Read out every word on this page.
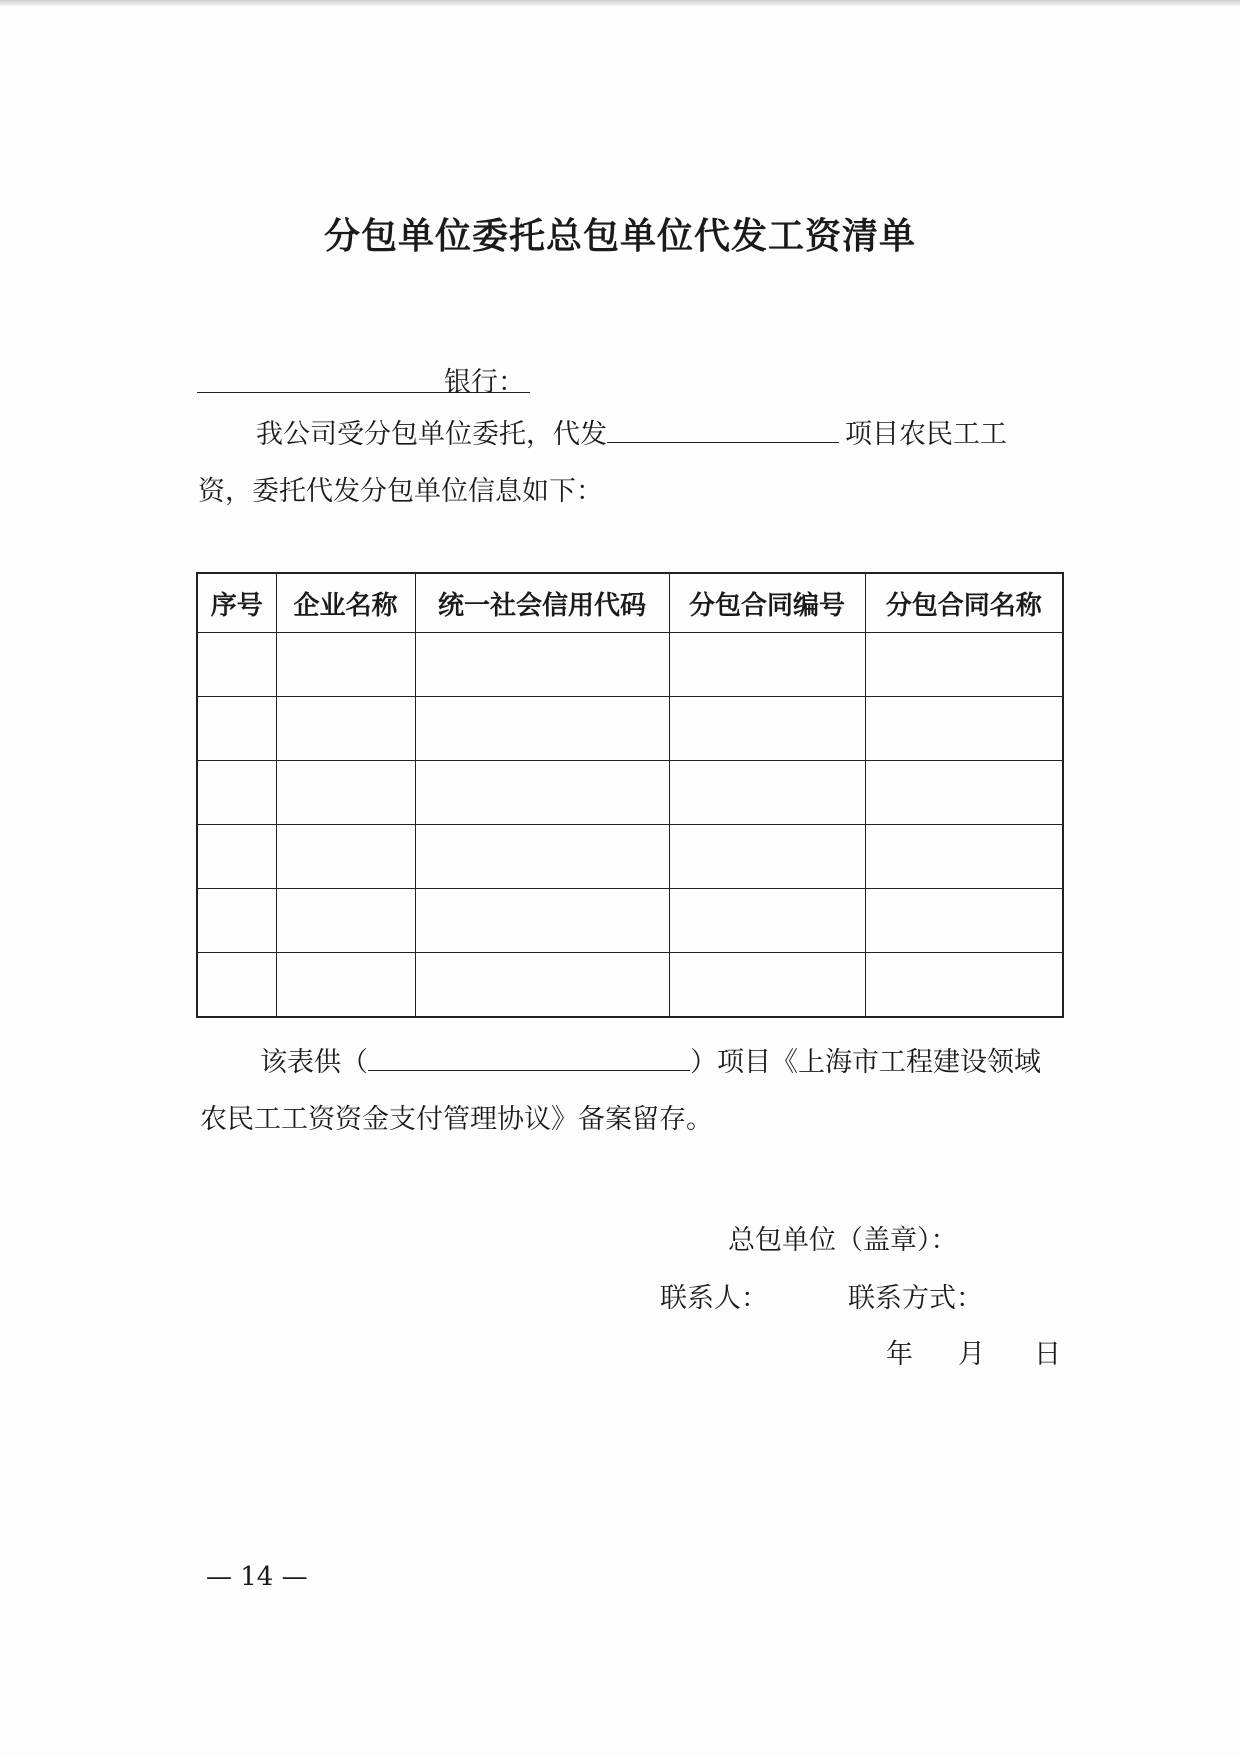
分包单位委托总包单位代发工资清单
银行：
我公司受分包单位委托，代发	项目农民工工
资，委托代发分包单位信息如下：
序号	企业名称	统一社会信用代码	分包合同编号	分包合同名称

该表供（	）项目《上海市工程建设领域
农民工工资资金支付管理协议》备案留存。
总包单位（盖章）：
联系人：	联系方式：
年 月 日
— 14 —
